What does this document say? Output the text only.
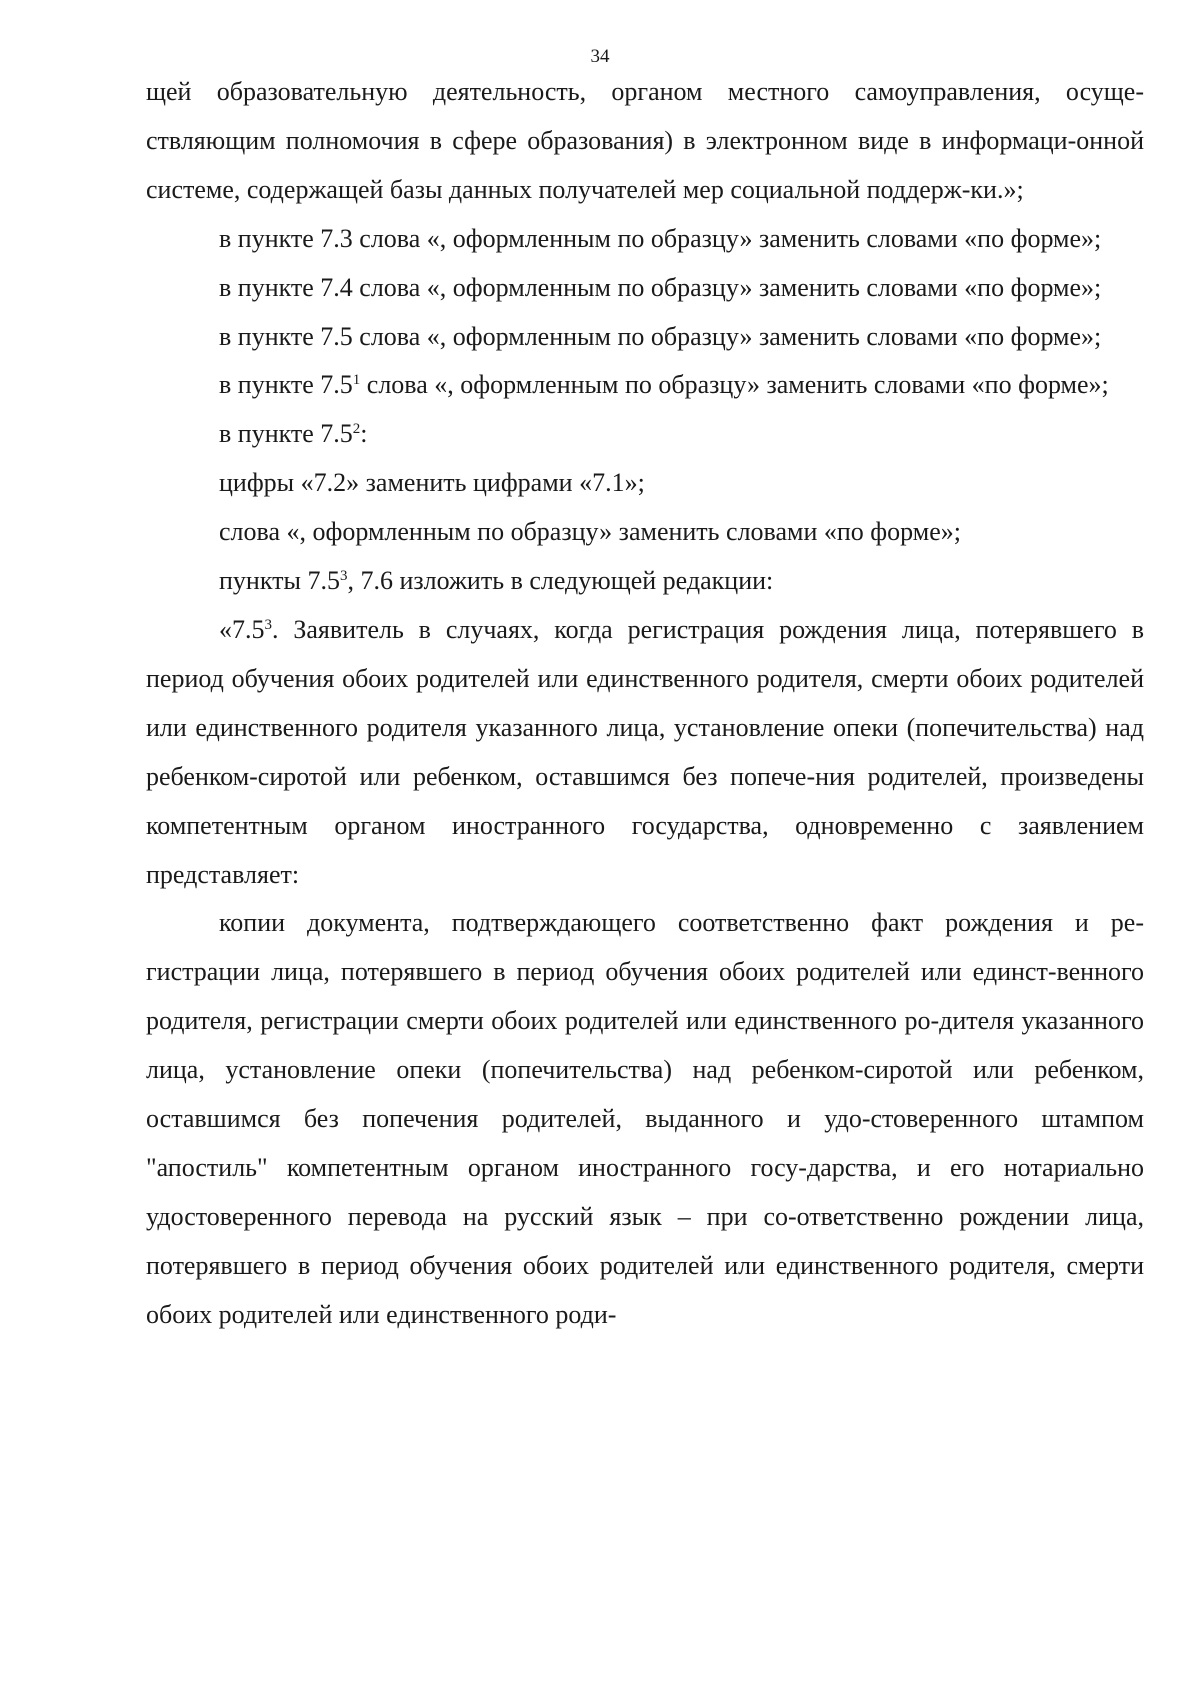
34

щей образовательную деятельность, органом местного самоуправления, осуще-ствляющим полномочия в сфере образования) в электронном виде в информаци-онной системе, содержащей базы данных получателей мер социальной поддерж-ки.»;

в пункте 7.3 слова «, оформленным по образцу» заменить словами «по форме»;

в пункте 7.4 слова «, оформленным по образцу» заменить словами «по форме»;

в пункте 7.5 слова «, оформленным по образцу» заменить словами «по форме»;

в пункте $7.5^1$ слова «, оформленным по образцу» заменить словами «по форме»;

в пункте $7.5^2$:

цифры «7.2» заменить цифрами «7.1»;

слова «, оформленным по образцу» заменить словами «по форме»;

пункты $7.5^3$, 7.6 изложить в следующей редакции:

«$7.5^3$. Заявитель в случаях, когда регистрация рождения лица, потерявшего в период обучения обоих родителей или единственного родителя, смерти обоих родителей или единственного родителя указанного лица, установление опеки (попечительства) над ребенком-сиротой или ребенком, оставшимся без попече-ния родителей, произведены компетентным органом иностранного государства, одновременно с заявлением представляет:

копии документа, подтверждающего соответственно факт рождения и ре-гистрации лица, потерявшего в период обучения обоих родителей или единст-венного родителя, регистрации смерти обоих родителей или единственного ро-дителя указанного лица, установление опеки (попечительства) над ребенком-сиротой или ребенком, оставшимся без попечения родителей, выданного и удо-стоверенного штампом "апостиль" компетентным органом иностранного госу-дарства, и его нотариально удостоверенного перевода на русский язык – при со-ответственно рождении лица, потерявшего в период обучения обоих родителей или единственного родителя, смерти обоих родителей или единственного роди-
